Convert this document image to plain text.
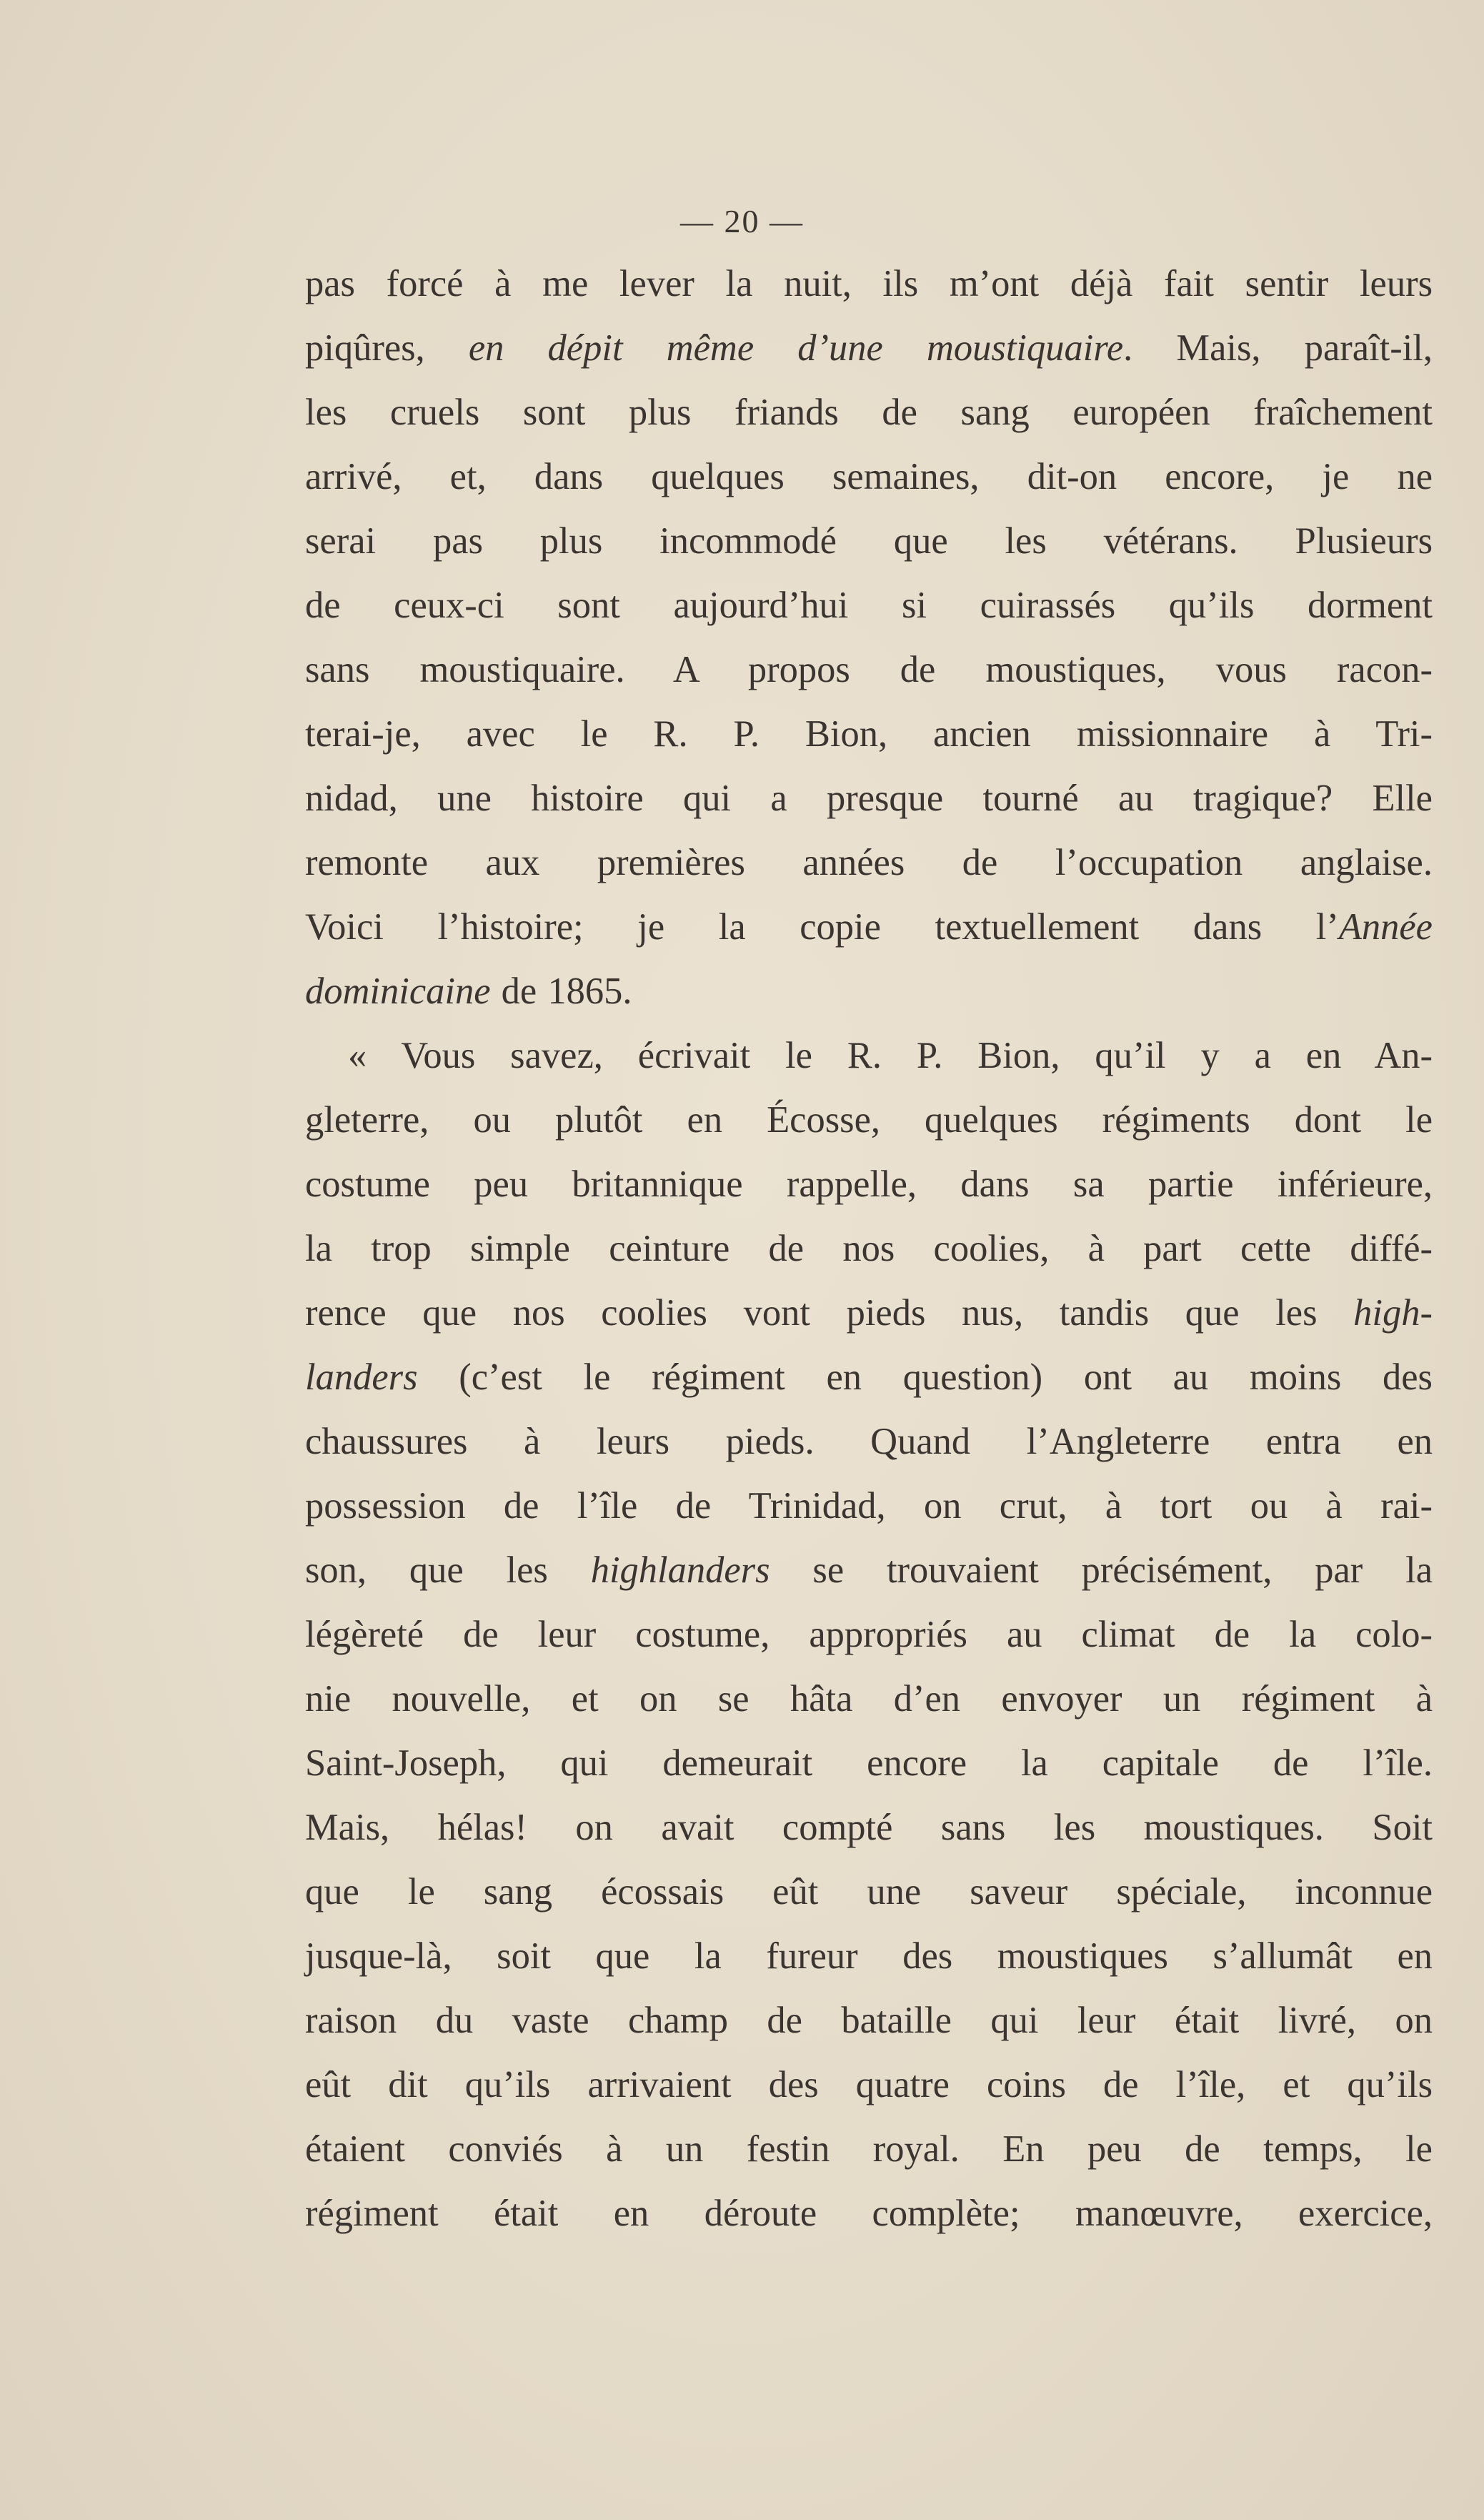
— 20 —
pas forcé à me lever la nuit, ils m’ont déjà fait sentir leurs
piqûres, en dépit même d’une moustiquaire. Mais, paraît-il,
les cruels sont plus friands de sang européen fraîchement
arrivé, et, dans quelques semaines, dit-on encore, je ne
serai pas plus incommodé que les vétérans. Plusieurs
de ceux-ci sont aujourd’hui si cuirassés qu’ils dorment
sans moustiquaire. A propos de moustiques, vous racon-
terai-je, avec le R. P. Bion, ancien missionnaire à Tri-
nidad, une histoire qui a presque tourné au tragique? Elle
remonte aux premières années de l’occupation anglaise.
Voici l’histoire; je la copie textuellement dans l’Année
dominicaine de 1865.
« Vous savez, écrivait le R. P. Bion, qu’il y a en An-
gleterre, ou plutôt en Écosse, quelques régiments dont le
costume peu britannique rappelle, dans sa partie inférieure,
la trop simple ceinture de nos coolies, à part cette diffé-
rence que nos coolies vont pieds nus, tandis que les high-
landers (c’est le régiment en question) ont au moins des
chaussures à leurs pieds. Quand l’Angleterre entra en
possession de l’île de Trinidad, on crut, à tort ou à rai-
son, que les highlanders se trouvaient précisément, par la
légèreté de leur costume, appropriés au climat de la colo-
nie nouvelle, et on se hâta d’en envoyer un régiment à
Saint-Joseph, qui demeurait encore la capitale de l’île.
Mais, hélas! on avait compté sans les moustiques. Soit
que le sang écossais eût une saveur spéciale, inconnue
jusque-là, soit que la fureur des moustiques s’allumât en
raison du vaste champ de bataille qui leur était livré, on
eût dit qu’ils arrivaient des quatre coins de l’île, et qu’ils
étaient conviés à un festin royal. En peu de temps, le
régiment était en déroute complète; manœuvre, exercice,
